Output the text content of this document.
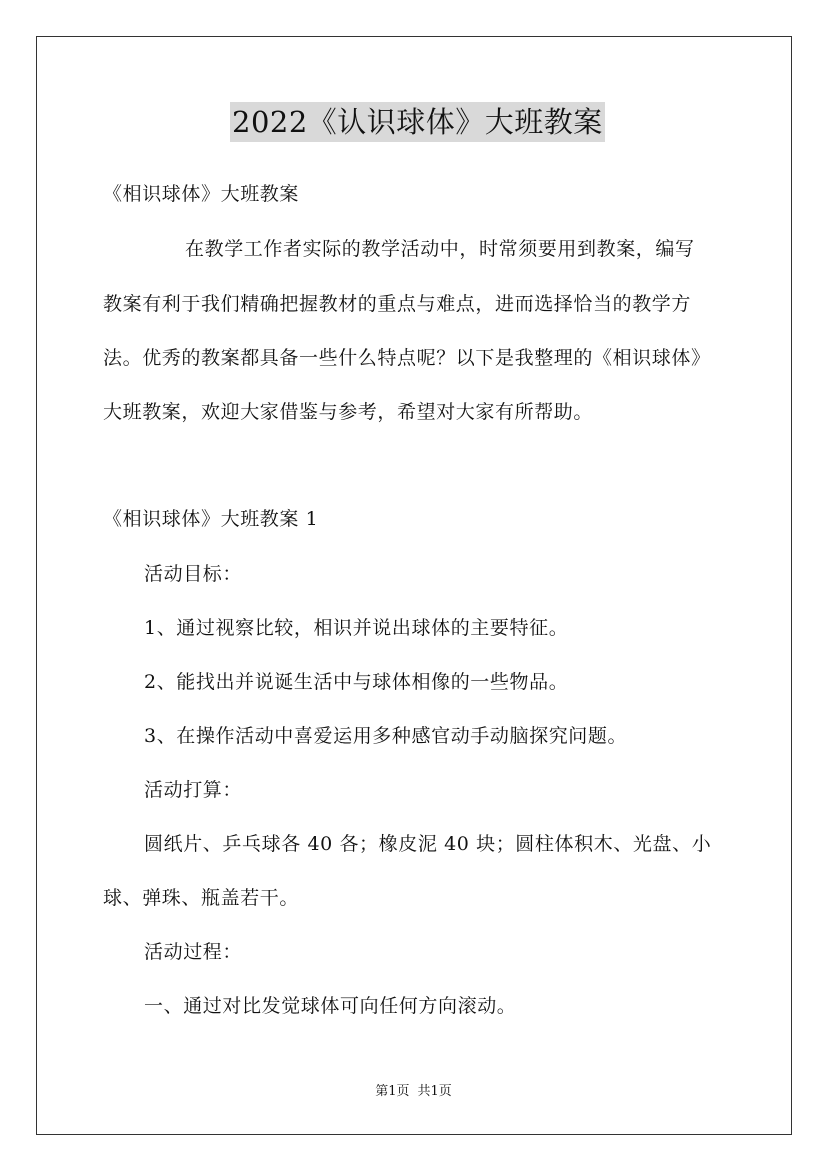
2022《认识球体》大班教案
《相识球体》大班教案
在教学工作者实际的教学活动中，时常须要用到教案，编写
教案有利于我们精确把握教材的重点与难点，进而选择恰当的教学方
法。优秀的教案都具备一些什么特点呢？以下是我整理的《相识球体》
大班教案，欢迎大家借鉴与参考，希望对大家有所帮助。
《相识球体》大班教案 1
活动目标：
1、通过视察比较，相识并说出球体的主要特征。
2、能找出并说诞生活中与球体相像的一些物品。
3、在操作活动中喜爱运用多种感官动手动脑探究问题。
活动打算：
圆纸片、乒乓球各 40 各；橡皮泥 40 块；圆柱体积木、光盘、小
球、弹珠、瓶盖若干。
活动过程：
一、通过对比发觉球体可向任何方向滚动。
第1页 共1页
